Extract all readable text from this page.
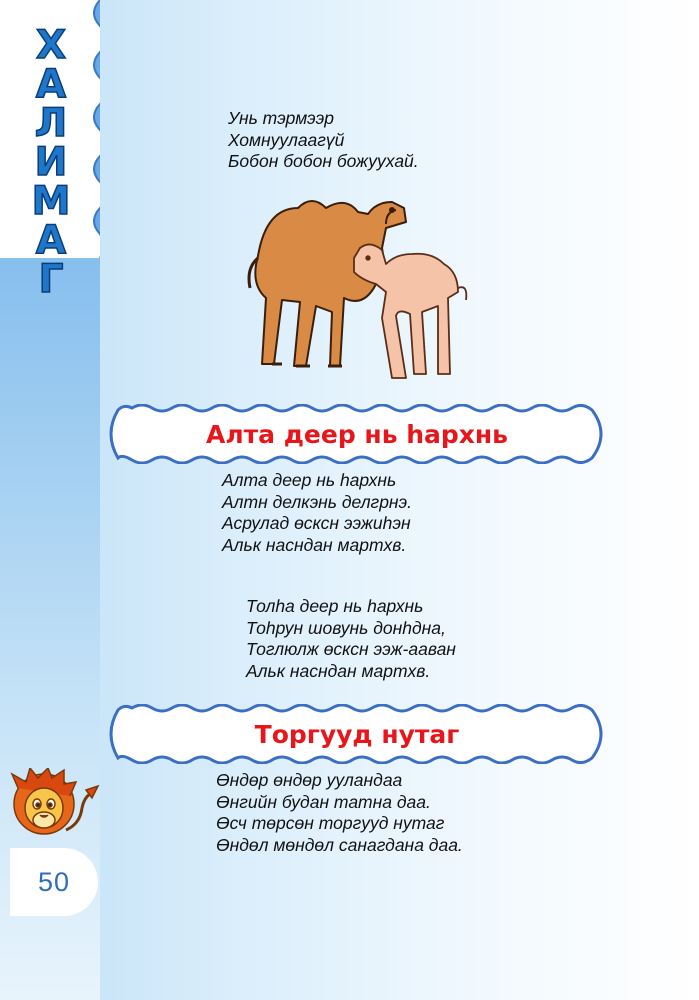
ХАЛИМАГ
Унь тэрмээр
Хомнуулаагүй
Бобон бобон божуухай.
Алта деер нь һархнь
Алта деер нь һархнь
Алтн делкэнь делгрнэ.
Асрулад өсксн ээжиһэн
Альк насндан мартхв.
Толһа деер нь һархнь
Тоһрун шовунь донһдна,
Тоглюлж өсксн ээж-ааван
Альк насндан мартхв.
Торгууд нутаг
Өндөр өндөр ууландаа
Өнгийн будан татна даа.
Өсч төрсөн торгууд нутаг
Өндөл мөндөл санагдана даа.
50
